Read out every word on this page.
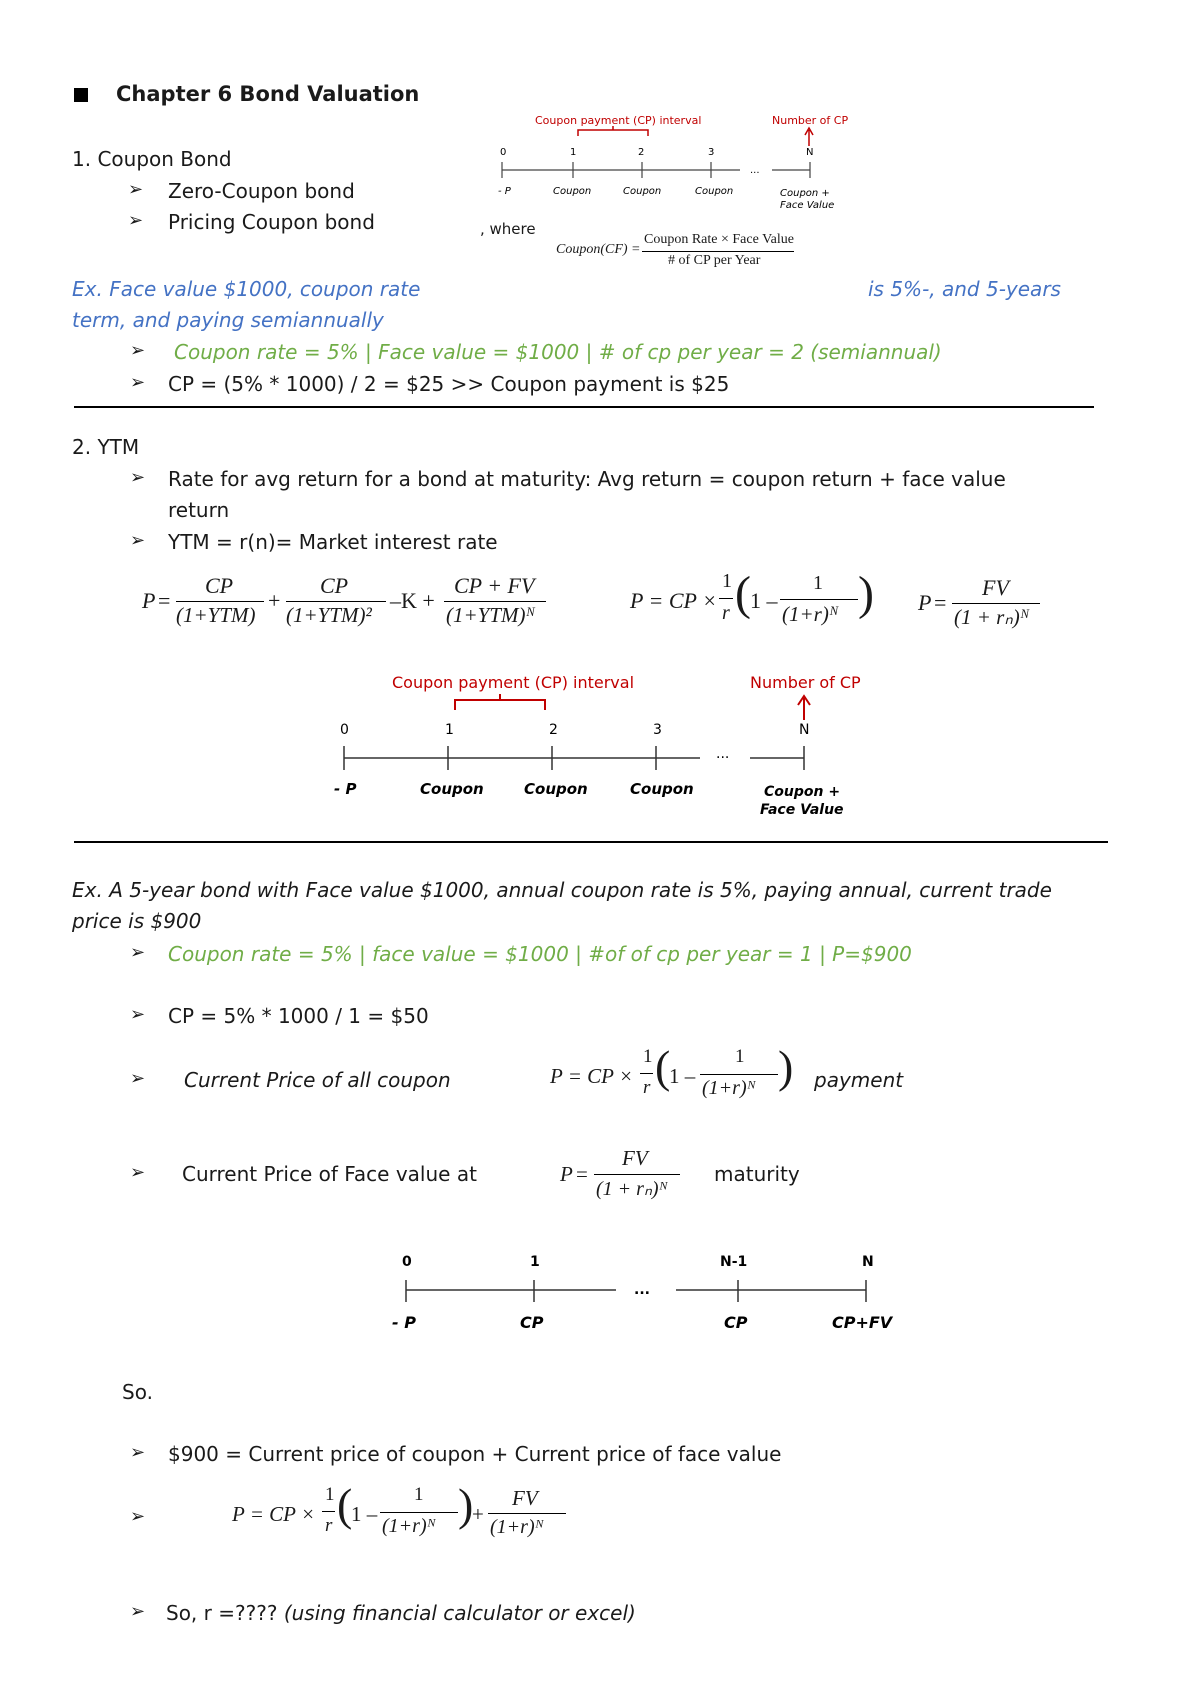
Chapter 6 Bond Valuation
1. Coupon Bond
➢ Zero-Coupon bond
➢ Pricing Coupon bond
Coupon payment (CP) interval	Number of CP
0	1	2	3	N
...
- P	Coupon	Coupon	Coupon	Coupon +
Face Value
, where
Coupon(CF) =
Coupon Rate × Face Value
# of CP per Year
Ex. Face value $1000, coupon rate	is 5%-, and 5-years
term, and paying semiannually
➢ Coupon rate = 5% | Face value = $1000 | # of cp per year = 2 (semiannual)
➢ CP = (5% * 1000) / 2 = $25 >> Coupon payment is $25
2. YTM
➢ Rate for avg return for a bond at maturity: Avg return = coupon return + face value
return
➢ YTM = r(n)= Market interest rate
P =
CP
(1+YTM)
+
CP
(1+YTM)²
–K +
CP + FV
(1+YTM)ᴺ
P = CP ×
1
r ( 1 –
1
(1+r)ᴺ ) P =
FV
(1 + rₙ)ᴺ
Coupon payment (CP) interval	Number of CP
0	1	2	3	N
...
- P	Coupon	Coupon	Coupon	Coupon +
Face Value
Ex. A 5-year bond with Face value $1000, annual coupon rate is 5%, paying annual, current trade
price is $900
➢ Coupon rate = 5% | face value = $1000 | #of of cp per year = 1 | P=$900
➢ CP = 5% * 1000 / 1 = $50
➢ Current Price of all coupon	P = CP ×
1
r (
1 –
1
(1+r)ᴺ ) payment
➢ Current Price of Face value at	P =
FV
(1 + rₙ)ᴺ
maturity
0	1	N-1	N
...
- P	CP	CP	CP+FV
So.
➢ $900 = Current price of coupon + Current price of face value
➢	P = CP ×
1
r (
1 –
1
(1+r)ᴺ )
+
FV
(1+r)ᴺ
➢ So, r =???? (using financial calculator or excel)
